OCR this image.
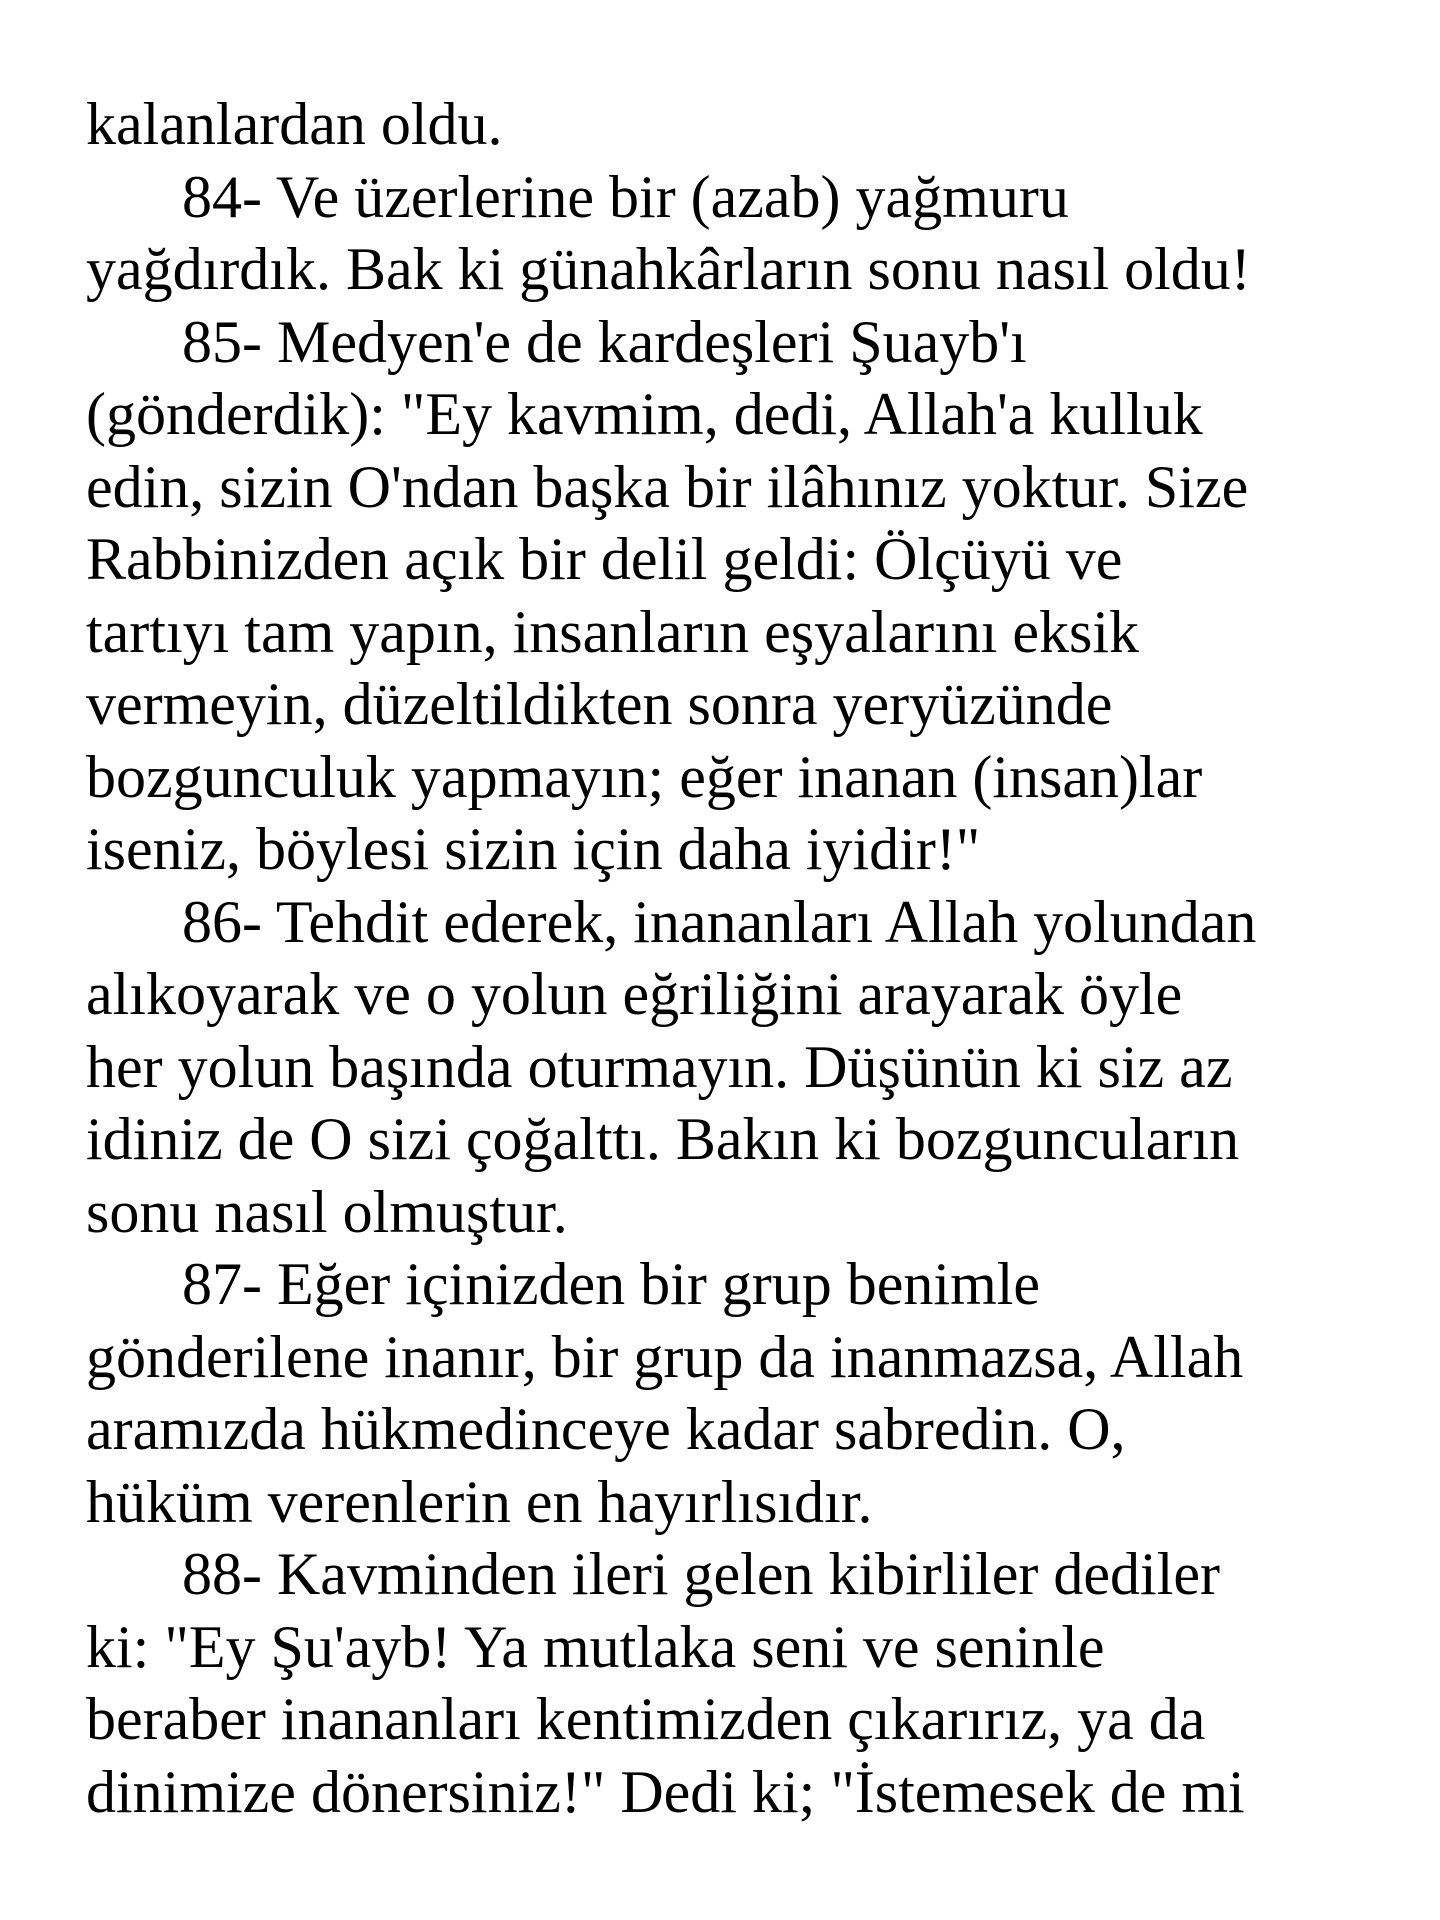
kalanlardan oldu.

84- Ve üzerlerine bir (azab) yağmuru

yağdırdık. Bak ki günahkârların sonu nasıl oldu!

85- Medyen'e de kardeşleri Şuayb'ı

(gönderdik): "Ey kavmim, dedi, Allah'a kulluk

edin, sizin O'ndan başka bir ilâhınız yoktur. Size

Rabbinizden açık bir delil geldi: Ölçüyü ve

tartıyı tam yapın, insanların eşyalarını eksik

vermeyin, düzeltildikten sonra yeryüzünde

bozgunculuk yapmayın; eğer inanan (insan)lar

iseniz, böylesi sizin için daha iyidir!"

86- Tehdit ederek, inananları Allah yolundan

alıkoyarak ve o yolun eğriliğini arayarak öyle

her yolun başında oturmayın. Düşünün ki siz az

idiniz de O sizi çoğalttı. Bakın ki bozguncuların

sonu nasıl olmuştur.

87- Eğer içinizden bir grup benimle

gönderilene inanır, bir grup da inanmazsa, Allah

aramızda hükmedinceye kadar sabredin. O,

hüküm verenlerin en hayırlısıdır.

88- Kavminden ileri gelen kibirliler dediler

ki: "Ey Şu'ayb! Ya mutlaka seni ve seninle

beraber inananları kentimizden çıkarırız, ya da

dinimize dönersiniz!" Dedi ki; "İstemesek de mi
